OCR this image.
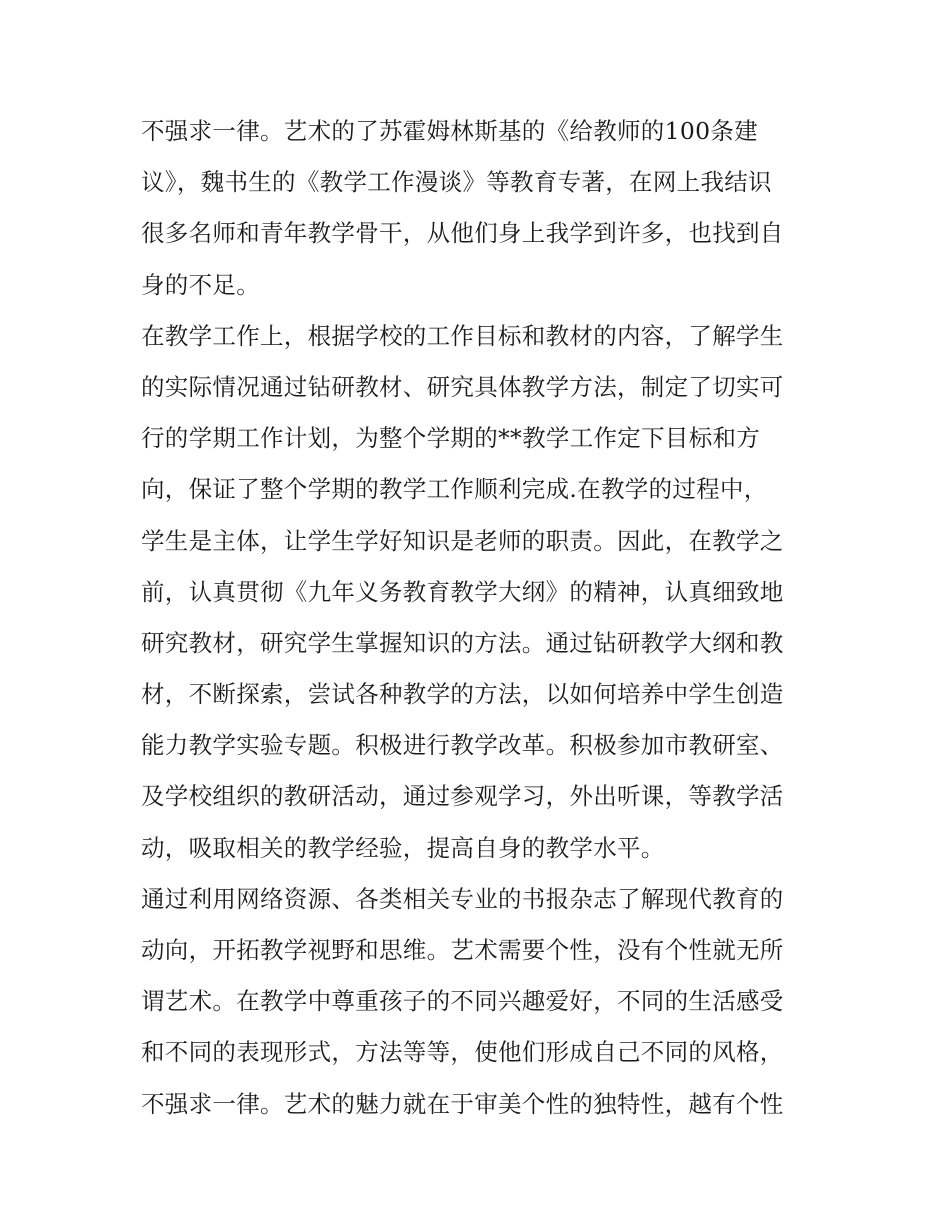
不强求一律。艺术的了苏霍姆林斯基的《给教师的100条建
议》，魏书生的《教学工作漫谈》等教育专著，在网上我结识
很多名师和青年教学骨干，从他们身上我学到许多，也找到自
身的不足。
在教学工作上，根据学校的工作目标和教材的内容，了解学生
的实际情况通过钻研教材、研究具体教学方法，制定了切实可
行的学期工作计划，为整个学期的**教学工作定下目标和方
向，保证了整个学期的教学工作顺利完成.在教学的过程中，
学生是主体，让学生学好知识是老师的职责。因此，在教学之
前，认真贯彻《九年义务教育教学大纲》的精神，认真细致地
研究教材，研究学生掌握知识的方法。通过钻研教学大纲和教
材，不断探索，尝试各种教学的方法，以如何培养中学生创造
能力教学实验专题。积极进行教学改革。积极参加市教研室、
及学校组织的教研活动，通过参观学习，外出听课，等教学活
动，吸取相关的教学经验，提高自身的教学水平。
通过利用网络资源、各类相关专业的书报杂志了解现代教育的
动向，开拓教学视野和思维。艺术需要个性，没有个性就无所
谓艺术。在教学中尊重孩子的不同兴趣爱好，不同的生活感受
和不同的表现形式，方法等等，使他们形成自己不同的风格，
不强求一律。艺术的魅力就在于审美个性的独特性，越有个性
